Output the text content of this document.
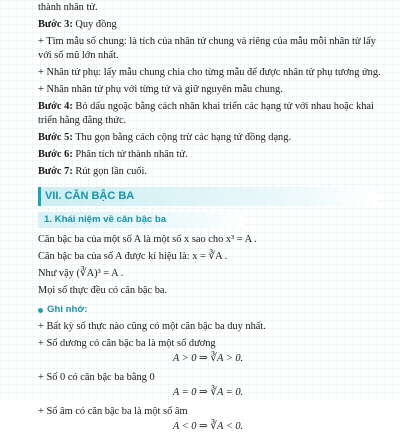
thành nhân tử.
Bước 3: Quy đồng
+ Tìm mẫu số chung: là tích của nhân tử chung và riêng của mẫu mỗi nhân tử lấy với số mũ lớn nhất.
+ Nhân tử phụ: lấy mẫu chung chia cho từng mẫu để được nhân tử phụ tương ứng.
+ Nhân nhân tử phụ với từng tử và giữ nguyên mẫu chung.
Bước 4: Bỏ dấu ngoặc bằng cách nhân khai triển các hạng tử với nhau hoặc khai triển hằng đẳng thức.
Bước 5: Thu gọn bằng cách cộng trừ các hạng tử đồng dạng.
Bước 6: Phân tích tử thành nhân tử.
Bước 7: Rút gọn lần cuối.
VII. CĂN BẬC BA
1. Khái niệm về căn bậc ba
Căn bậc ba của một số A là một số x sao cho x³ = A .
Căn bậc ba của số A được kí hiệu là: x = ∛A .
Như vậy (∛A)³ = A .
Mọi số thực đều có căn bậc ba.
Ghi nhớ:
+ Bất kỳ số thực nào cũng có một căn bậc ba duy nhất.
+ Số dương có căn bậc ba là một số dương
A > 0 ⇒ ∛A > 0.
+ Số 0 có căn bậc ba bằng 0
A = 0 ⇒ ∛A = 0.
+ Số âm có căn bậc ba là một số âm
A < 0 ⇒ ∛A < 0.
